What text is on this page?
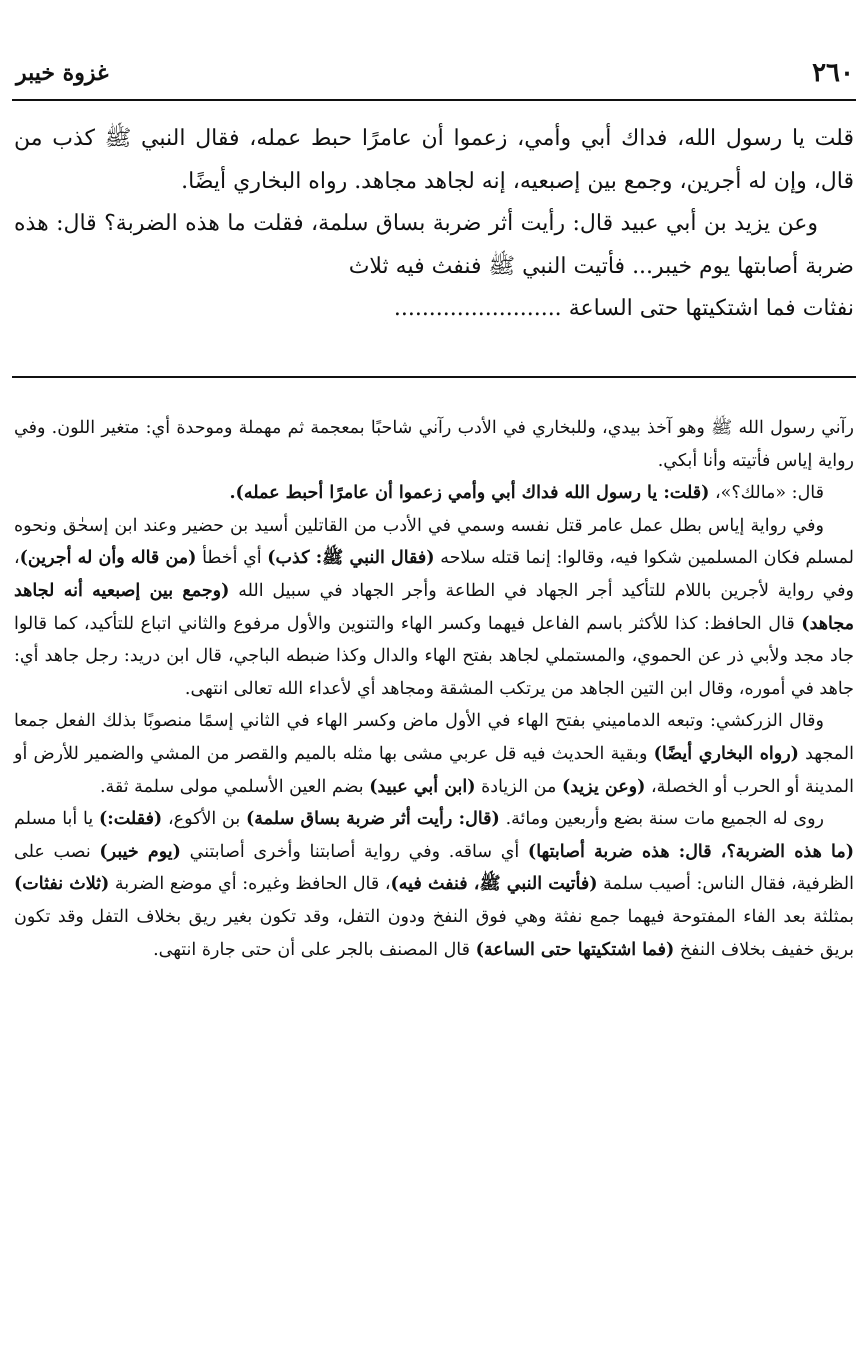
غزوة خيبر	٢٦٠

قلت يا رسول الله، فداك أبي وأمي، زعموا أن عامرًا حبط عمله، فقال النبي ﷺ كذب من قال، وإن له أجرين، وجمع بين إصبعيه، إنه لجاهد مجاهد. رواه البخاري أيضًا.

وعن يزيد بن أبي عبيد قال: رأيت أثر ضربة بساق سلمة، فقلت ما هذه الضربة؟ قال: هذه ضربة أصابتها يوم خيبر... فأتيت النبي ﷺ فنفث فيه ثلاث

نفثات فما اشتكيتها حتى الساعة ........................

رآني رسول الله ﷺ وهو آخذ بيدي، وللبخاري في الأدب رآني شاحبًا بمعجمة ثم مهملة وموحدة أي: متغير اللون. وفي رواية إياس فأتيته وأنا أبكي.

قال: «مالك؟»، (قلت: يا رسول الله فداك أبي وأمي زعموا أن عامرًا أحبط عمله).

وفي رواية إياس بطل عمل عامر قتل نفسه وسمي في الأدب من القاتلين أسيد بن حضير وعند ابن إسحٰق ونحوه لمسلم فكان المسلمين شكوا فيه، وقالوا: إنما قتله سلاحه (فقال النبي ﷺ: كذب) أي أخطأ (من قاله وأن له أجرين)، وفي رواية لأجرين باللام للتأكيد أجر الجهاد في الطاعة وأجر الجهاد في سبيل الله (وجمع بين إصبعيه أنه لجاهد مجاهد) قال الحافظ: كذا للأكثر باسم الفاعل فيهما وكسر الهاء والتنوين والأول مرفوع والثاني اتباع للتأكيد، كما قالوا جاد مجد ولأبي ذر عن الحموي، والمستملي لجاهد بفتح الهاء والدال وكذا ضبطه الباجي، قال ابن دريد: رجل جاهد أي: جاهد في أموره، وقال ابن التين الجاهد من يرتكب المشقة ومجاهد أي لأعداء الله تعالى انتهى.

وقال الزركشي: وتبعه الدماميني بفتح الهاء في الأول ماض وكسر الهاء في الثاني إسمًا منصوبًا بذلك الفعل جمعا المجهد (رواه البخاري أيضًا) وبقية الحديث فيه قل عربي مشى بها مثله بالميم والقصر من المشي والضمير للأرض أو المدينة أو الحرب أو الخصلة، (وعن يزيد) من الزيادة (ابن أبي عبيد) بضم العين الأسلمي مولى سلمة ثقة.

روى له الجميع مات سنة بضع وأربعين ومائة. (قال: رأيت أثر ضربة بساق سلمة) بن الأكوع، (فقلت:) يا أبا مسلم (ما هذه الضربة؟، قال: هذه ضربة أصابتها) أي ساقه. وفي رواية أصابتنا وأخرى أصابتني (يوم خيبر) نصب على الظرفية، فقال الناس: أصيب سلمة (فأتيت النبي ﷺ، فنفث فيه)، قال الحافظ وغيره: أي موضع الضربة (ثلاث نفثات) بمثلثة بعد الفاء المفتوحة فيهما جمع نفثة وهي فوق النفخ ودون التفل، وقد تكون بغير ريق بخلاف التفل وقد تكون بريق خفيف بخلاف النفخ (فما اشتكيتها حتى الساعة) قال المصنف بالجر على أن حتى جارة انتهى.
